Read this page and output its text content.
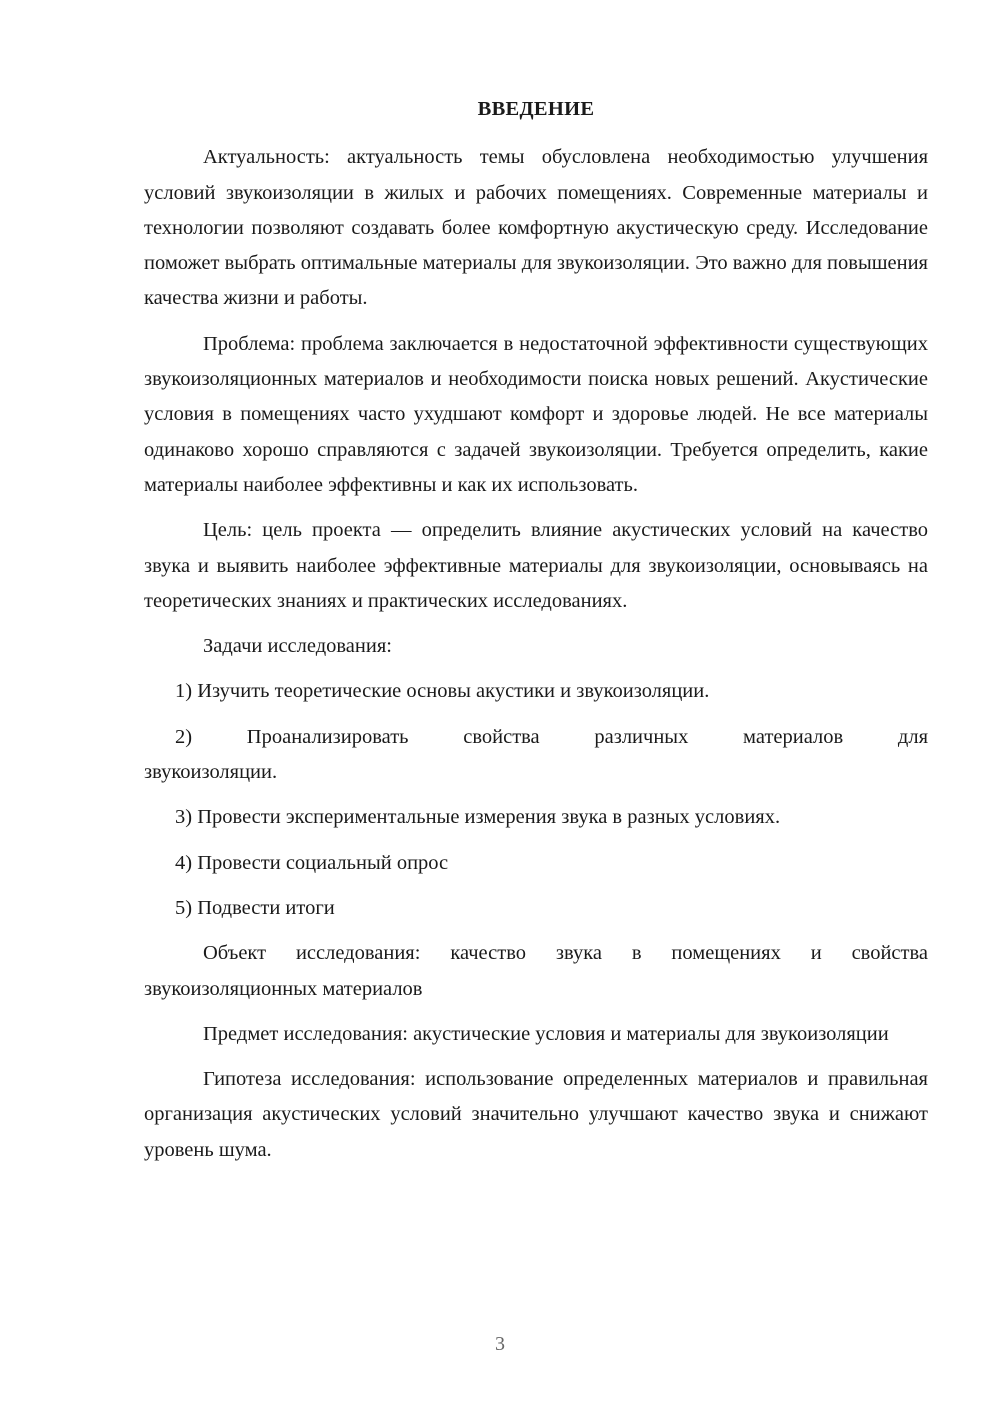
ВВЕДЕНИЕ

Актуальность: актуальность темы обусловлена необходимостью улучшения условий звукоизоляции в жилых и рабочих помещениях. Современные материалы и технологии позволяют создавать более комфортную акустическую среду. Исследование поможет выбрать оптимальные материалы для звукоизоляции. Это важно для повышения качества жизни и работы.

Проблема: проблема заключается в недостаточной эффективности существующих звукоизоляционных материалов и необходимости поиска новых решений. Акустические условия в помещениях часто ухудшают комфорт и здоровье людей. Не все материалы одинаково хорошо справляются с задачей звукоизоляции. Требуется определить, какие материалы наиболее эффективны и как их использовать.

Цель: цель проекта — определить влияние акустических условий на качество звука и выявить наиболее эффективные материалы для звукоизоляции, основываясь на теоретических знаниях и практических исследованиях.

Задачи исследования:

1) Изучить теоретические основы акустики и звукоизоляции.

2) Проанализировать свойства различных материалов для звукоизоляции.

3) Провести экспериментальные измерения звука в разных условиях.

4) Провести социальный опрос

5) Подвести итоги

Объект исследования: качество звука в помещениях и свойства звукоизоляционных материалов

Предмет исследования: акустические условия и материалы для звукоизоляции

Гипотеза исследования: использование определенных материалов и правильная организация акустических условий значительно улучшают качество звука и снижают уровень шума.

3
